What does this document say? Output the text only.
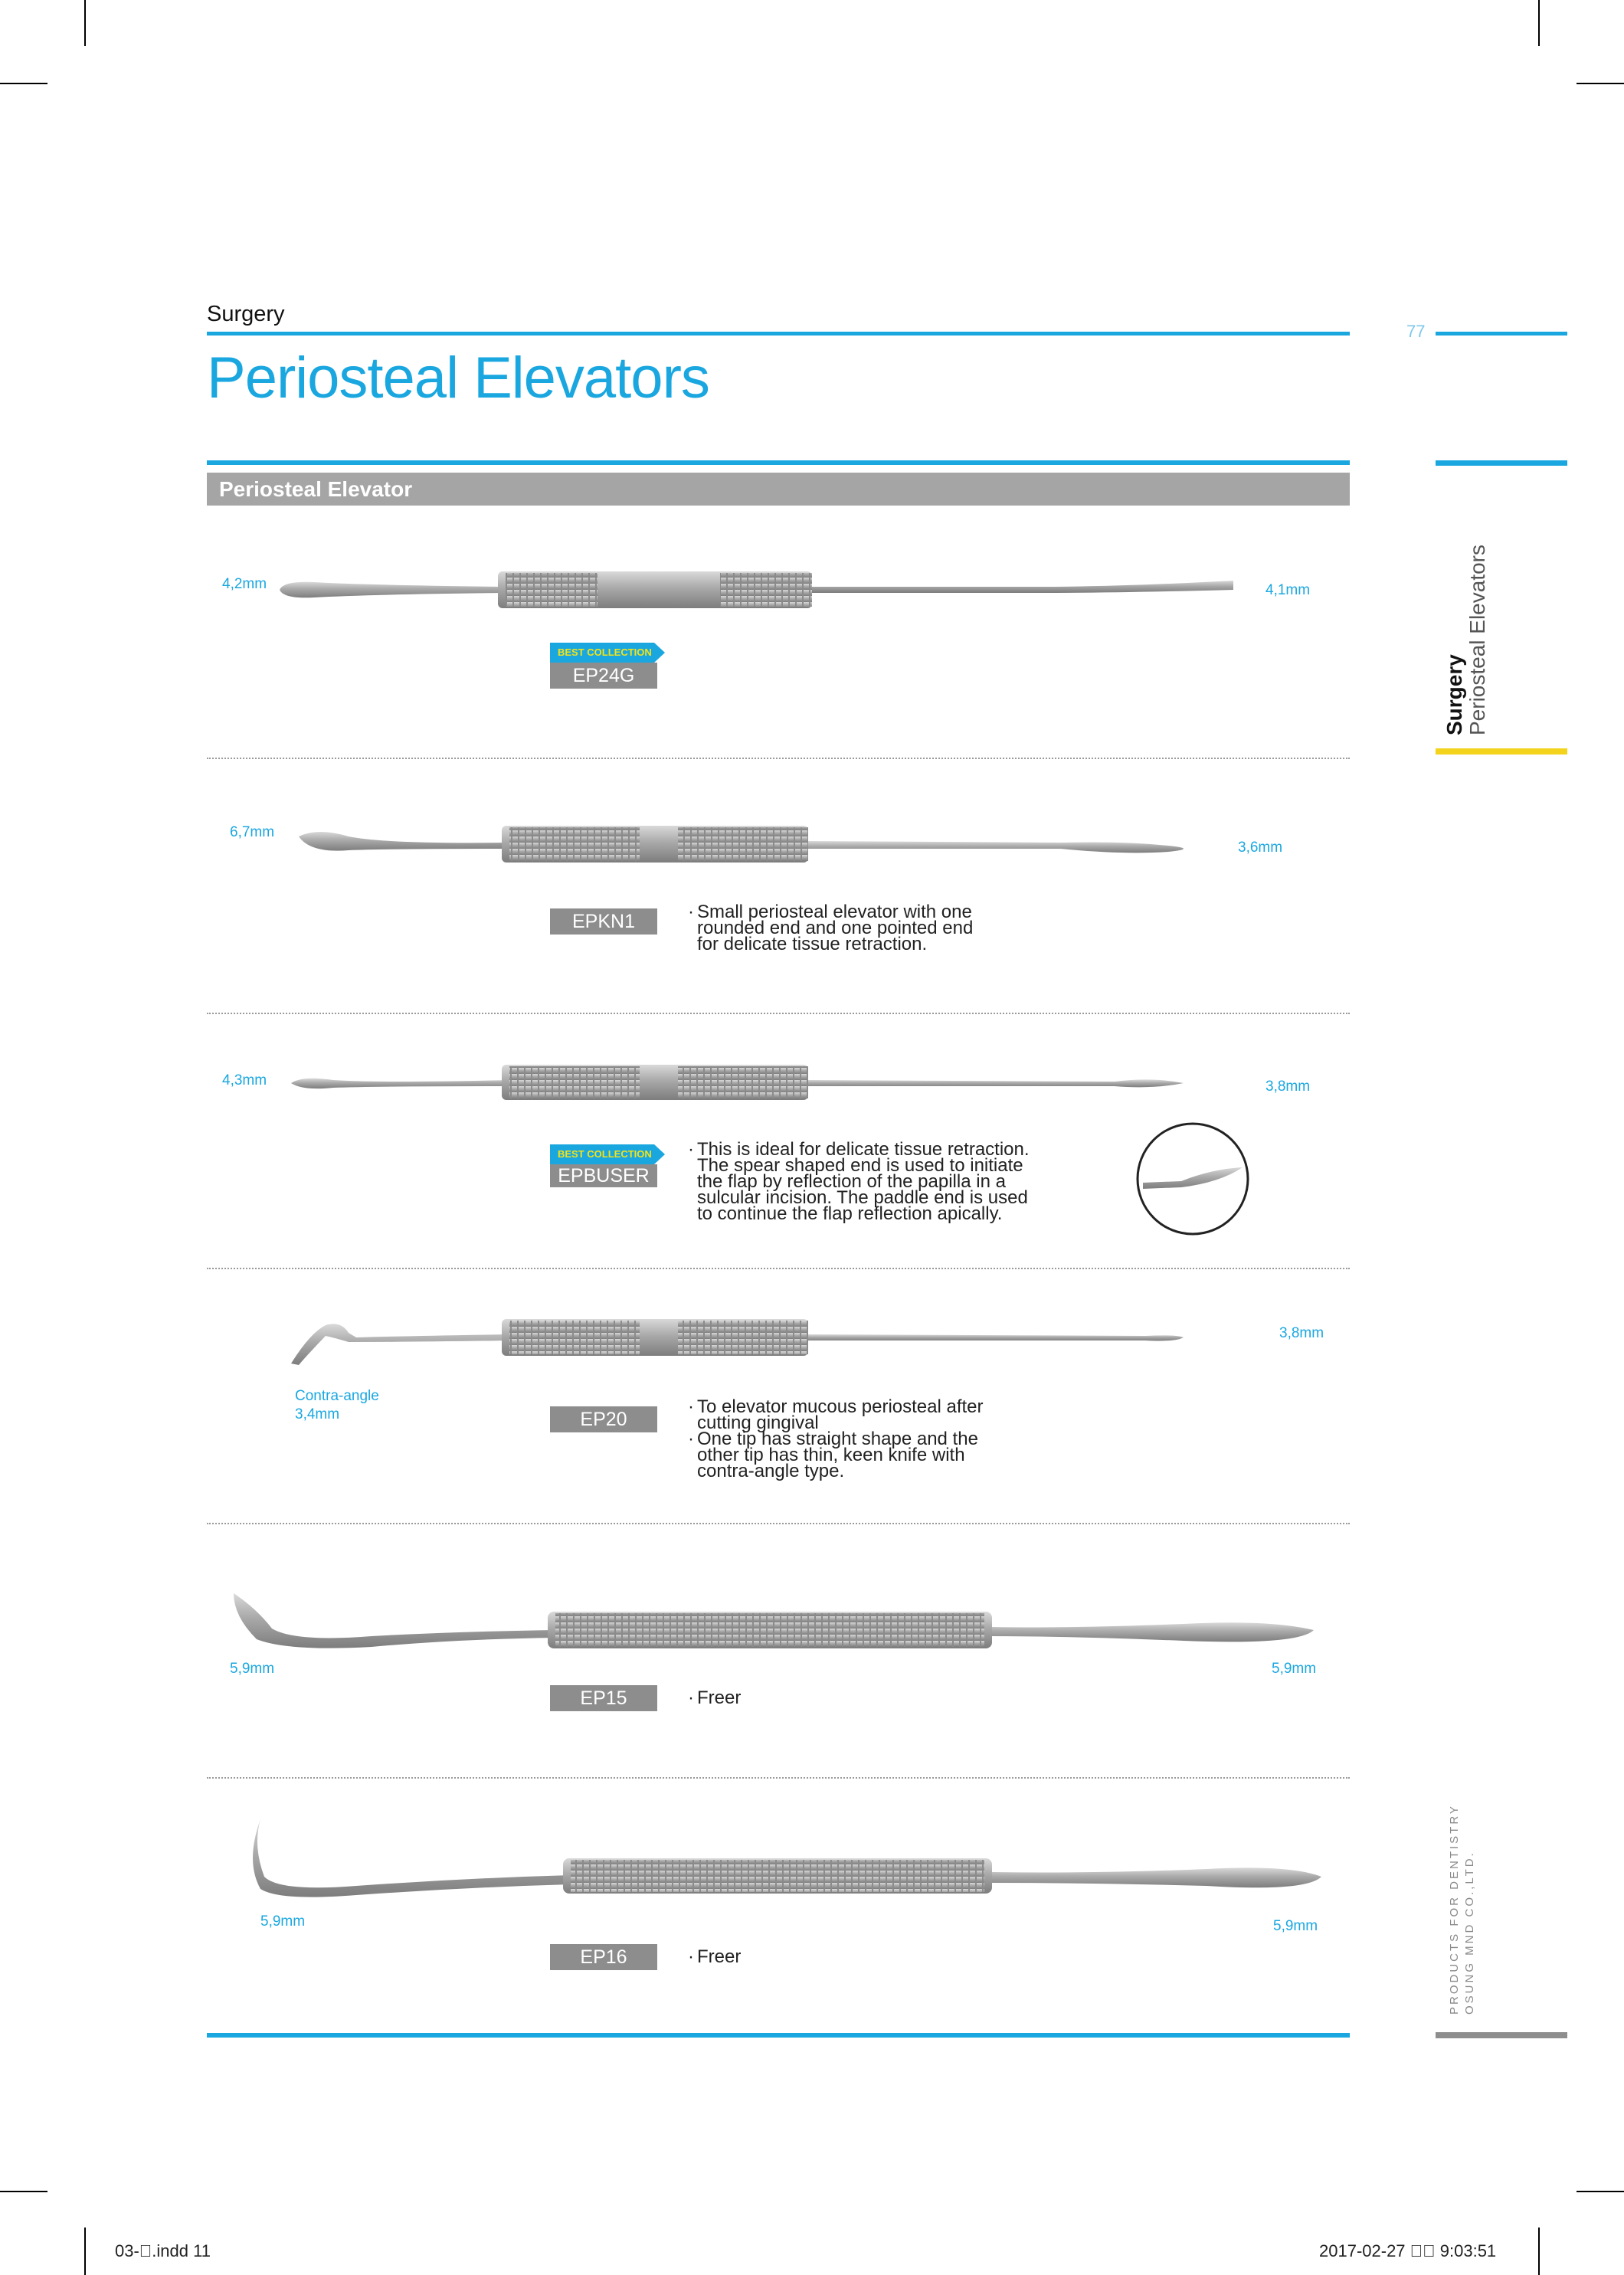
Surgery
77
Periosteal Elevators
Periosteal Elevator
Surgery Periosteal Elevators
PRODUCTS FOR DENTISTRY OSUNG MND CO.,LTD.
4,2mm	4,1mm
BEST COLLECTION
EP24G
6,7mm
3,6mm
EPKN1	· Small periosteal elevator with one
rounded end and one pointed end
for delicate tissue retraction.
4,3mm	3,8mm
BEST COLLECTION
EPBUSER
· This is ideal for delicate tissue retraction.
The spear shaped end is used to initiate
the flap by reflection of the papilla in a
sulcular incision. The paddle end is used
to continue the flap reflection apically.
3,8mm
Contra-angle
3,4mm	EP20
· To elevator mucous periosteal after
cutting gingival
· One tip has straight shape and the
other tip has thin, keen knife with
contra-angle type.
5,9mm	5,9mm
EP15	· Freer
5,9mm	5,9mm
EP16	· Freer
03- .indd 11	2017-02-27    9:03:51
